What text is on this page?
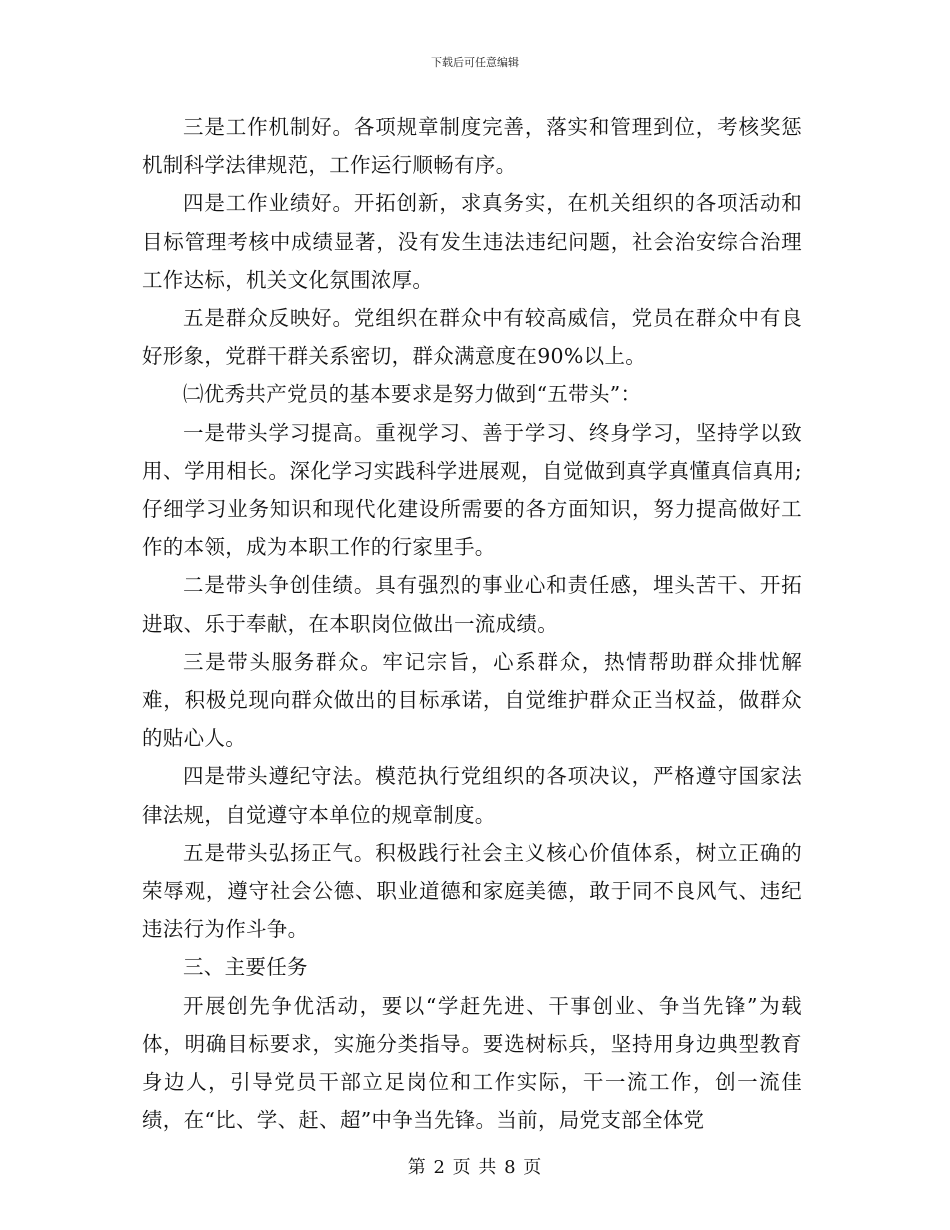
下载后可任意编辑

三是工作机制好。各项规章制度完善，落实和管理到位，考核奖惩机制科学法律规范，工作运行顺畅有序。

四是工作业绩好。开拓创新，求真务实，在机关组织的各项活动和目标管理考核中成绩显著，没有发生违法违纪问题，社会治安综合治理工作达标，机关文化氛围浓厚。

五是群众反映好。党组织在群众中有较高威信，党员在群众中有良好形象，党群干群关系密切，群众满意度在90%以上。

㈡优秀共产党员的基本要求是努力做到“五带头”：

一是带头学习提高。重视学习、善于学习、终身学习，坚持学以致用、学用相长。深化学习实践科学进展观，自觉做到真学真懂真信真用;仔细学习业务知识和现代化建设所需要的各方面知识，努力提高做好工作的本领，成为本职工作的行家里手。

二是带头争创佳绩。具有强烈的事业心和责任感，埋头苦干、开拓进取、乐于奉献，在本职岗位做出一流成绩。

三是带头服务群众。牢记宗旨，心系群众，热情帮助群众排忧解难，积极兑现向群众做出的目标承诺，自觉维护群众正当权益，做群众的贴心人。

四是带头遵纪守法。模范执行党组织的各项决议，严格遵守国家法律法规，自觉遵守本单位的规章制度。

五是带头弘扬正气。积极践行社会主义核心价值体系，树立正确的荣辱观，遵守社会公德、职业道德和家庭美德，敢于同不良风气、违纪违法行为作斗争。

三、主要任务

开展创先争优活动，要以“学赶先进、干事创业、争当先锋”为载体，明确目标要求，实施分类指导。要选树标兵，坚持用身边典型教育身边人，引导党员干部立足岗位和工作实际，干一流工作，创一流佳绩，在“比、学、赶、超”中争当先锋。当前，局党支部全体党

第 2 页 共 8 页
